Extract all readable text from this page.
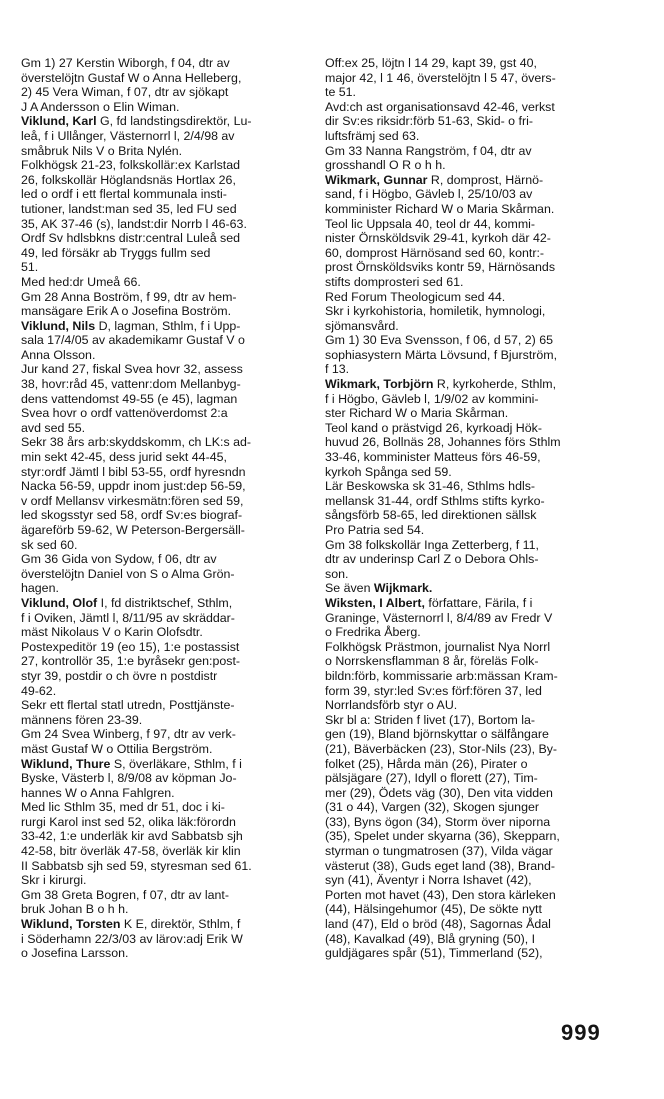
Gm 1) 27 Kerstin Wiborgh, f 04, dtr av
överstelöjtn Gustaf W o Anna Helleberg,
2) 45 Vera Wiman, f 07, dtr av sjökapt
J A Andersson o Elin Wiman.
Viklund, Karl G, fd landstingsdirektör, Lu-
leå, f i Ullånger, Västernorrl l, 2/4/98 av
småbruk Nils V o Brita Nylén.
Folkhögsk 21-23, folkskollär:ex Karlstad
26, folkskollär Höglandsnäs Hortlax 26,
led o ordf i ett flertal kommunala insti-
tutioner, landst:man sed 35, led FU sed
35, AK 37-46 (s), landst:dir Norrb l 46-63.
Ordf Sv hdlsbkns distr:central Luleå sed
49, led försäkr ab Tryggs fullm sed
51.
Med hed:dr Umeå 66.
Gm 28 Anna Boström, f 99, dtr av hem-
mansägare Erik A o Josefina Boström.
Viklund, Nils D, lagman, Sthlm, f i Upp-
sala 17/4/05 av akademikamr Gustaf V o
Anna Olsson.
Jur kand 27, fiskal Svea hovr 32, assess
38, hovr:råd 45, vattenr:dom Mellanbyg-
dens vattendomst 49-55 (e 45), lagman
Svea hovr o ordf vattenöverdomst 2:a
avd sed 55.
Sekr 38 års arb:skyddskomm, ch LK:s ad-
min sekt 42-45, dess jurid sekt 44-45,
styr:ordf Jämtl l bibl 53-55, ordf hyresndn
Nacka 56-59, uppdr inom just:dep 56-59,
v ordf Mellansv virkesmätn:fören sed 59,
led skogsstyr sed 58, ordf Sv:es biograf-
ägareförb 59-62, W Peterson-Bergersäll-
sk sed 60.
Gm 36 Gida von Sydow, f 06, dtr av
överstelöjtn Daniel von S o Alma Grön-
hagen.
Viklund, Olof I, fd distriktschef, Sthlm,
f i Oviken, Jämtl l, 8/11/95 av skräddar-
mäst Nikolaus V o Karin Olofsdtr.
Postexpeditör 19 (eo 15), 1:e postassist
27, kontrollör 35, 1:e byråsekr gen:post-
styr 39, postdir o ch övre n postdistr
49-62.
Sekr ett flertal statl utredn, Posttjänste-
männens fören 23-39.
Gm 24 Svea Winberg, f 97, dtr av verk-
mäst Gustaf W o Ottilia Bergström.
Wiklund, Thure S, överläkare, Sthlm, f i
Byske, Västerb l, 8/9/08 av köpman Jo-
hannes W o Anna Fahlgren.
Med lic Sthlm 35, med dr 51, doc i ki-
rurgi Karol inst sed 52, olika läk:förordn
33-42, 1:e underläk kir avd Sabbatsb sjh
42-58, bitr överläk 47-58, överläk kir klin
II Sabbatsb sjh sed 59, styresman sed 61.
Skr i kirurgi.
Gm 38 Greta Bogren, f 07, dtr av lant-
bruk Johan B o h h.
Wiklund, Torsten K E, direktör, Sthlm, f
i Söderhamn 22/3/03 av lärov:adj Erik W
o Josefina Larsson.
Off:ex 25, löjtn l 14 29, kapt 39, gst 40,
major 42, l 1 46, överstelöjtn l 5 47, övers-
te 51.
Avd:ch ast organisationsavd 42-46, verkst
dir Sv:es riksidr:förb 51-63, Skid- o fri-
luftsfrämj sed 63.
Gm 33 Nanna Rangström, f 04, dtr av
grosshandl O R o h h.
Wikmark, Gunnar R, domprost, Härnö-
sand, f i Högbo, Gävleb l, 25/10/03 av
komminister Richard W o Maria Skårman.
Teol lic Uppsala 40, teol dr 44, kommi-
nister Örnsköldsvik 29-41, kyrkoh där 42-
60, domprost Härnösand sed 60, kontr:-
prost Örnsköldsviks kontr 59, Härnösands
stifts domprosteri sed 61.
Red Forum Theologicum sed 44.
Skr i kyrkohistoria, homiletik, hymnologi,
sjömansvård.
Gm 1) 30 Eva Svensson, f 06, d 57, 2) 65
sophiasystern Märta Lövsund, f Bjurström,
f 13.
Wikmark, Torbjörn R, kyrkoherde, Sthlm,
f i Högbo, Gävleb l, 1/9/02 av kommini-
ster Richard W o Maria Skårman.
Teol kand o prästvigd 26, kyrkoadj Hök-
huvud 26, Bollnäs 28, Johannes förs Sthlm
33-46, komminister Matteus förs 46-59,
kyrkoh Spånga sed 59.
Lär Beskowska sk 31-46, Sthlms hdls-
mellansk 31-44, ordf Sthlms stifts kyrko-
sångsförb 58-65, led direktionen sällsk
Pro Patria sed 54.
Gm 38 folkskollär Inga Zetterberg, f 11,
dtr av underinsp Carl Z o Debora Ohls-
son.
Se även Wijkmark.
Wiksten, I Albert, författare, Färila, f i
Graninge, Västernorrl l, 8/4/89 av Fredr V
o Fredrika Åberg.
Folkhögsk Prästmon, journalist Nya Norrl
o Norrskensflamman 8 år, föreläs Folk-
bildn:förb, kommissarie arb:mässan Kram-
form 39, styr:led Sv:es förf:fören 37, led
Norrlandsförb styr o AU.
Skr bl a: Striden f livet (17), Bortom la-
gen (19), Bland björnskyttar o sälfångare
(21), Bäverbäcken (23), Stor-Nils (23), By-
folket (25), Hårda män (26), Pirater o
pälsjägare (27), Idyll o florett (27), Tim-
mer (29), Ödets väg (30), Den vita vidden
(31 o 44), Vargen (32), Skogen sjunger
(33), Byns ögon (34), Storm över niporna
(35), Spelet under skyarna (36), Skepparn,
styrman o tungmatrosen (37), Vilda vägar
västerut (38), Guds eget land (38), Brand-
syn (41), Äventyr i Norra Ishavet (42),
Porten mot havet (43), Den stora kärleken
(44), Hälsingehumor (45), De sökte nytt
land (47), Eld o bröd (48), Sagornas Ådal
(48), Kavalkad (49), Blå gryning (50), I
guldjägares spår (51), Timmerland (52),
999
